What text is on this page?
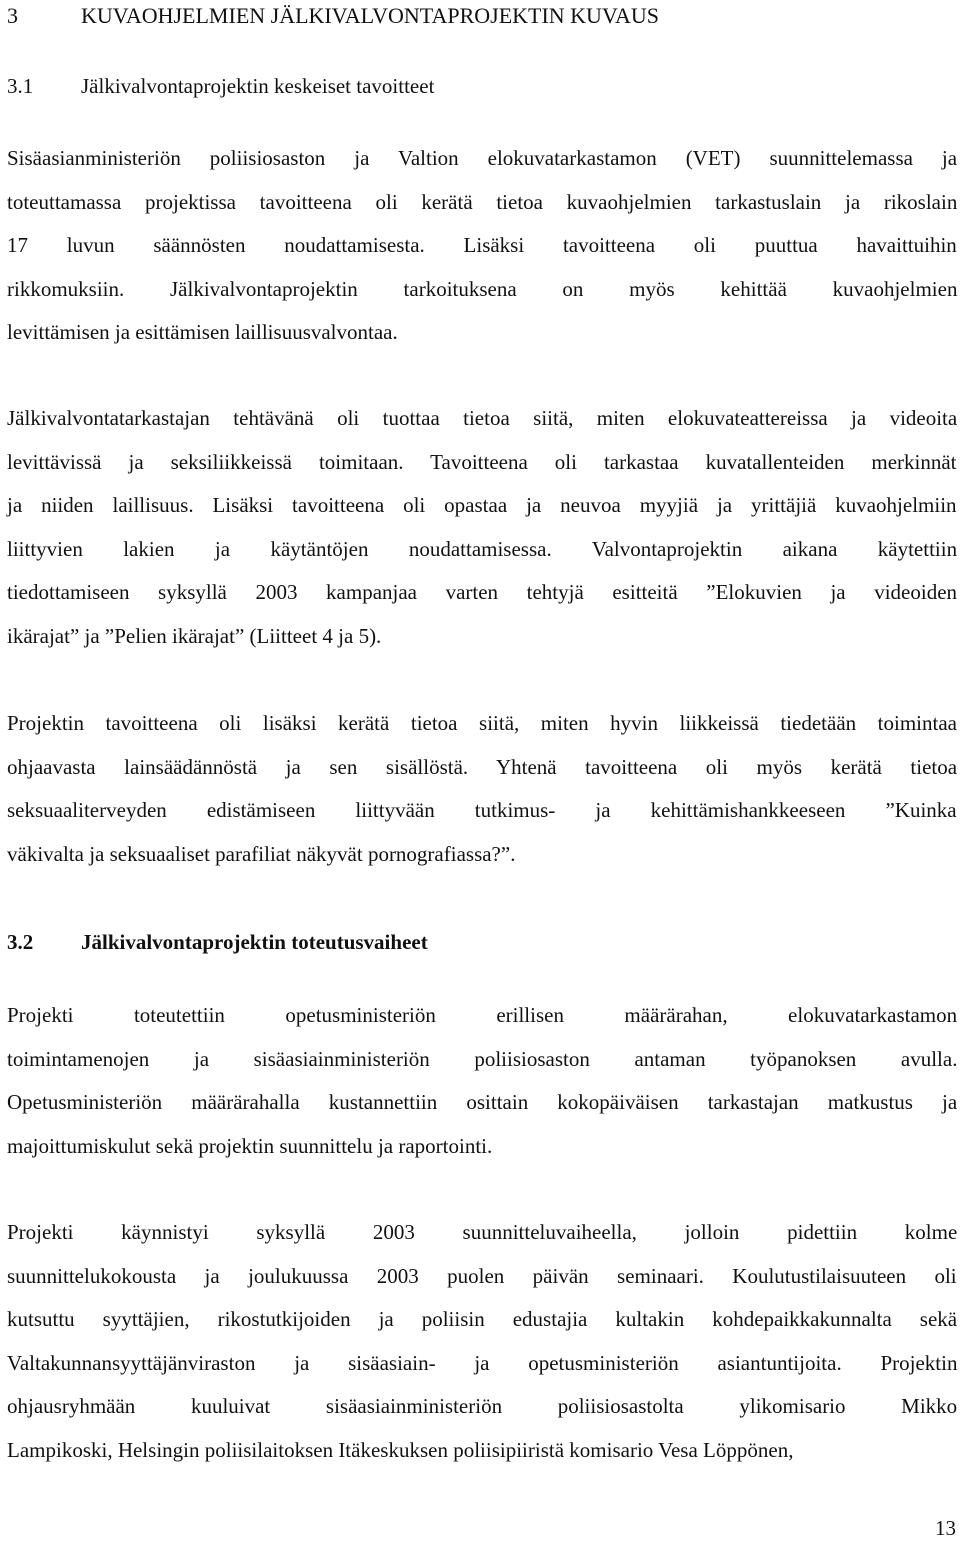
3	KUVAOHJELMIEN JÄLKIVALVONTAPROJEKTIN KUVAUS
3.1 Jälkivalvontaprojektin keskeiset tavoitteet
Sisäasianministeriön poliisiosaston ja Valtion elokuvatarkastamon (VET) suunnittelemassa ja
toteuttamassa projektissa tavoitteena oli kerätä tietoa kuvaohjelmien tarkastuslain ja rikoslain
17 luvun säännösten noudattamisesta. Lisäksi tavoitteena oli puuttua havaittuihin
rikkomuksiin. Jälkivalvontaprojektin tarkoituksena on myös kehittää kuvaohjelmien
levittämisen ja esittämisen laillisuusvalvontaa.
Jälkivalvontatarkastajan tehtävänä oli tuottaa tietoa siitä, miten elokuvateattereissa ja videoita
levittävissä ja seksiliikkeissä toimitaan. Tavoitteena oli tarkastaa kuvatallenteiden merkinnät
ja niiden laillisuus. Lisäksi tavoitteena oli opastaa ja neuvoa myyjiä ja yrittäjiä kuvaohjelmiin
liittyvien lakien ja käytäntöjen noudattamisessa. Valvontaprojektin aikana käytettiin
tiedottamiseen syksyllä 2003 kampanjaa varten tehtyjä esitteitä ”Elokuvien ja videoiden
ikärajat” ja ”Pelien ikärajat” (Liitteet 4 ja 5).
Projektin tavoitteena oli lisäksi kerätä tietoa siitä, miten hyvin liikkeissä tiedetään toimintaa
ohjaavasta lainsäädännöstä ja sen sisällöstä. Yhtenä tavoitteena oli myös kerätä tietoa
seksuaaliterveyden edistämiseen liittyvään tutkimus- ja kehittämishankkeeseen ”Kuinka
väkivalta ja seksuaaliset parafiliat näkyvät pornografiassa?”.
3.2 Jälkivalvontaprojektin toteutusvaiheet
Projekti toteutettiin opetusministeriön erillisen määrärahan, elokuvatarkastamon
toimintamenojen ja sisäasiainministeriön poliisiosaston antaman työpanoksen avulla.
Opetusministeriön määrärahalla kustannettiin osittain kokopäiväisen tarkastajan matkustus ja
majoittumiskulut sekä projektin suunnittelu ja raportointi.
Projekti käynnistyi syksyllä 2003 suunnitteluvaiheella, jolloin pidettiin kolme
suunnittelukokousta ja joulukuussa 2003 puolen päivän seminaari. Koulutustilaisuuteen oli
kutsuttu syyttäjien, rikostutkijoiden ja poliisin edustajia kultakin kohdepaikkakunnalta sekä
Valtakunnansyyttäjänviraston ja sisäasiain- ja opetusministeriön asiantuntijoita. Projektin
ohjausryhmään kuuluivat sisäasiainministeriön poliisiosastolta ylikomisario Mikko
Lampikoski, Helsingin poliisilaitoksen Itäkeskuksen poliisipiiristä komisario Vesa Löppönen,
13
